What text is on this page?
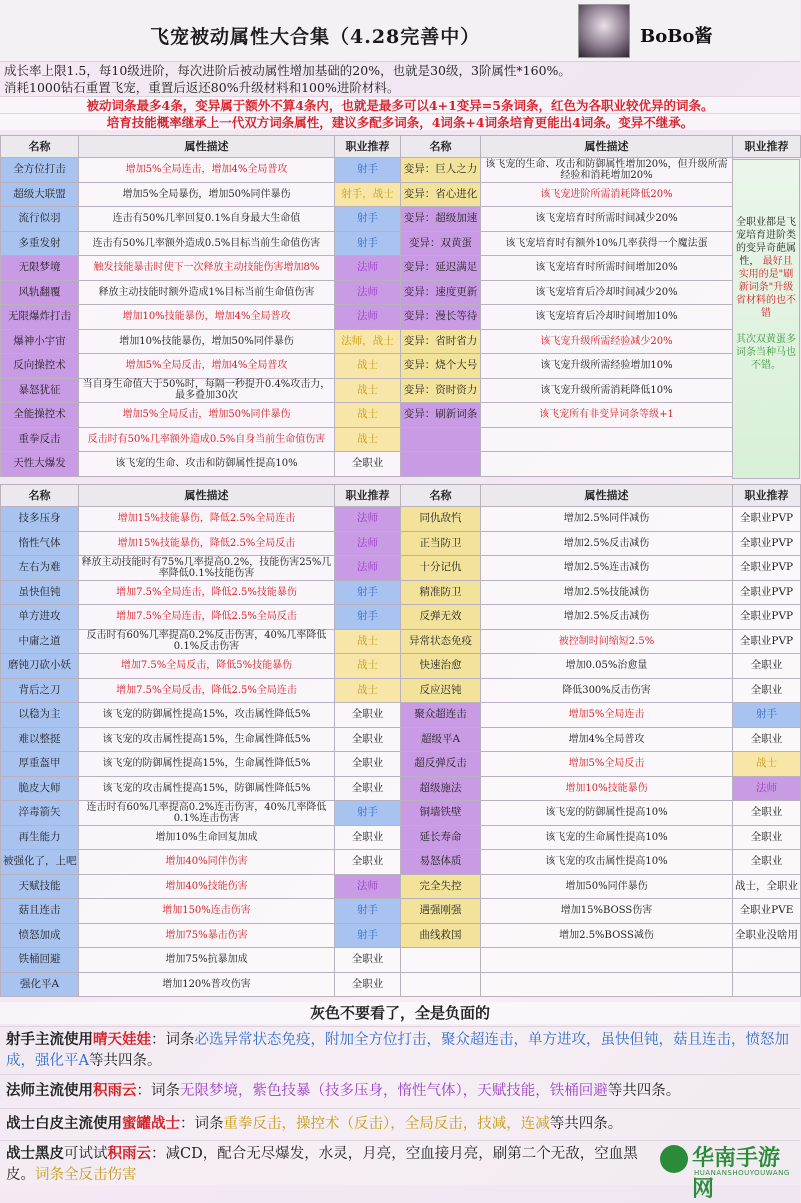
飞宠被动属性大合集（4.28完善中）	BoBo酱
成长率上限1.5，每10级进阶，每次进阶后被动属性增加基础的20%，也就是30级，3阶属性*160%。
消耗1000钻石重置飞宠，重置后返还80%升级材料和100%进阶材料。
被动词条最多4条，变异属于额外不算4条内，也就是最多可以4+1变异=5条词条，红色为各职业较优异的词条。
培育技能概率继承上一代双方词条属性，建议多配多词条，4词条+4词条培育更能出4词条。变异不继承。
名称	属性描述	职业推荐	名称	属性描述	职业推荐
全方位打击	增加5%全局连击，增加4%全局普攻	射手	变异：巨人之力	该飞宠的生命、攻击和防御属性增加20%，但升级所需经验和消耗增加20%	
超级大联盟	增加5%全局暴伤，增加50%同伴暴伤	射手，战士	变异：省心进化	该飞宠进阶所需消耗降低20%	
流行似羽	连击有50%几率回复0.1%自身最大生命值	射手	变异：超级加速	该飞宠培育时所需时间减少20%	
多重发射	连击有50%几率额外造成0.5%目标当前生命值伤害	射手	变异：双黄蛋	该飞宠培育时有额外10%几率获得一个魔法蛋	
无限梦境	触发技能暴击时使下一次释放主动技能伤害增加8%	法师	变异：延迟满足	该飞宠培育时所需时间增加20%	
风轨翻覆	释放主动技能时额外造成1%目标当前生命值伤害	法师	变异：速度更新	该飞宠培育后冷却时间减少20%	
无限爆炸打击	增加10%技能暴伤，增加4%全局普攻	法师	变异：漫长等待	该飞宠培育后冷却时间增加10%	
爆神小宇宙	增加10%技能暴伤，增加50%同伴暴伤	法师，战士	变异：省时省力	该飞宠升级所需经验减少20%	
反向操控术	增加5%全局反击，增加4%全局普攻	战士	变异：烧个大号	该飞宠升级所需经验增加10%	
暴怒犹征	当自身生命值大于50%时，每隔一秒提升0.4%攻击力，最多叠加30次	战士	变异：资时资力	该飞宠升级所需消耗降低10%	
全能操控术	增加5%全局反击，增加50%同伴暴伤	战士	变异：刷新词条	该飞宠所有非变异词条等级+1	
重拳反击	反击时有50%几率额外造成0.5%自身当前生命值伤害	战士			
天性大爆发	该飞宠的生命、攻击和防御属性提高10%	全职业			
全职业都是飞宠培育进阶类的变异奇葩属性， 最好且实用的是"刷新词条"升级省材料的也不错

其次双黄蛋多词条当种马也不错。
名称	属性描述	职业推荐	名称	属性描述	职业推荐
技多压身	增加15%技能暴伤，降低2.5%全局连击	法师	同仇敌忾	增加2.5%同伴减伤	全职业PVP
惰性气体	增加15%技能暴伤，降低2.5%全局反击	法师	正当防卫	增加2.5%反击减伤	全职业PVP
左右为难	释放主动技能时有75%几率提高0.2%，技能伤害25%几率降低0.1%技能伤害	法师	十分记仇	增加2.5%连击减伤	全职业PVP
虽快但钝	增加7.5%全局连击，降低2.5%技能暴伤	射手	精准防卫	增加2.5%技能减伤	全职业PVP
单方进攻	增加7.5%全局连击，降低2.5%全局反击	射手	反弹无效	增加2.5%反击减伤	全职业PVP
中庸之道	反击时有60%几率提高0.2%反击伤害，40%几率降低0.1%反击伤害	战士	异常状态免疫	被控制时间缩短2.5%	全职业PVP
磨钝刀砍小妖	增加7.5%全局反击，降低5%技能暴伤	战士	快速治愈	增加0.05%治愈量	全职业
背后之刀	增加7.5%全局反击，降低2.5%全局连击	战士	反应迟钝	降低300%反击伤害	全职业
以稳为主	该飞宠的防御属性提高15%，攻击属性降低5%	全职业	聚众超连击	增加5%全局连击	射手
难以整挺	该飞宠的攻击属性提高15%，生命属性降低5%	全职业	超级平A	增加4%全局普攻	全职业
厚重盔甲	该飞宠的防御属性提高15%，生命属性降低5%	全职业	超反弹反击	增加5%全局反击	战士
脆皮大师	该飞宠的攻击属性提高15%，防御属性降低5%	全职业	超级施法	增加10%技能暴伤	法师
淬毒箭矢	连击时有60%几率提高0.2%连击伤害，40%几率降低0.1%连击伤害	射手	铜墙铁壁	该飞宠的防御属性提高10%	全职业
再生能力	增加10%生命回复加成	全职业	延长寿命	该飞宠的生命属性提高10%	全职业
被强化了，上吧	增加40%同伴伤害	全职业	易怒体质	该飞宠的攻击属性提高10%	全职业
天赋技能	增加40%技能伤害	法师	完全失控	增加50%同伴暴伤	战士，全职业
菇且连击	增加150%连击伤害	射手	遇强刚强	增加15%BOSS伤害	全职业PVE
愤怒加成	增加75%暴击伤害	射手	曲线救国	增加2.5%BOSS减伤	全职业没啥用
铁桶回避	增加75%抗暴加成	全职业			
强化平A	增加120%普攻伤害	全职业			
灰色不要看了，全是负面的
射手主流使用晴天娃娃：词条必选异常状态免疫，附加全方位打击，聚众超连击，单方进攻，虽快但钝，菇且连击，愤怒加成，强化平A等共四条。
法师主流使用积雨云：词条无限梦境，紫色技暴（技多压身，惰性气体），天赋技能，铁桶回避等共四条。
战士白皮主流使用蜜罐战士：词条重拳反击，操控术（反击），全局反击，技减，连减等共四条。
战士黑皮可试试积雨云：减CD，配合无尽爆发，水灵，月亮，空血接月亮，刷第二个无敌，空血黑皮。词条全反击伤害
华南手游网
HUANANSHOUYOUWANG
